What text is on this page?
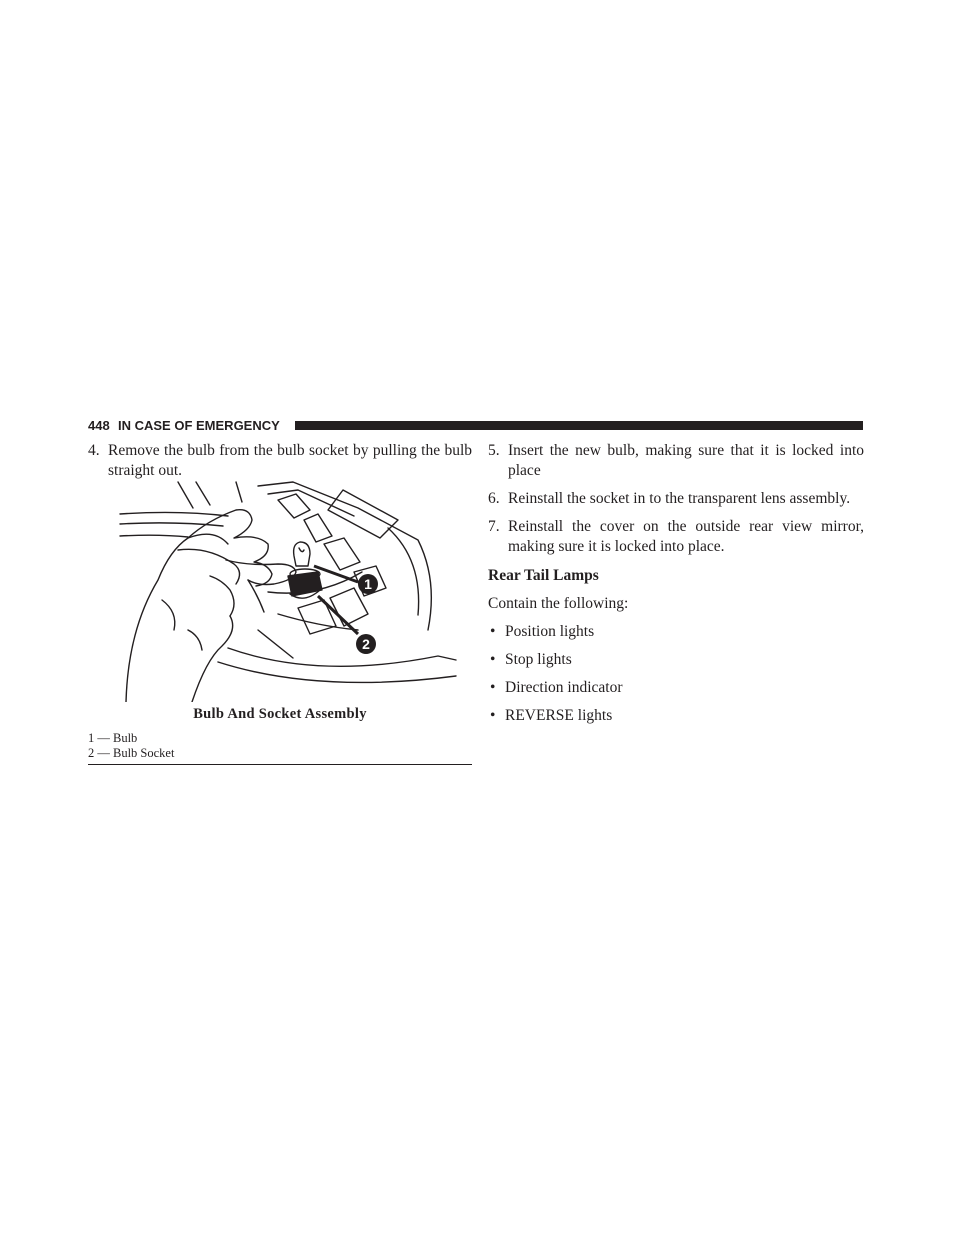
448 IN CASE OF EMERGENCY
4. Remove the bulb from the bulb socket by pulling the bulb straight out.
1
2
Bulb And Socket Assembly
1 — Bulb
2 — Bulb Socket
5. Insert the new bulb, making sure that it is locked into place
6. Reinstall the socket in to the transparent lens assembly.
7. Reinstall the cover on the outside rear view mirror, making sure it is locked into place.
Rear Tail Lamps
Contain the following:
• Position lights
• Stop lights
• Direction indicator
• REVERSE lights
